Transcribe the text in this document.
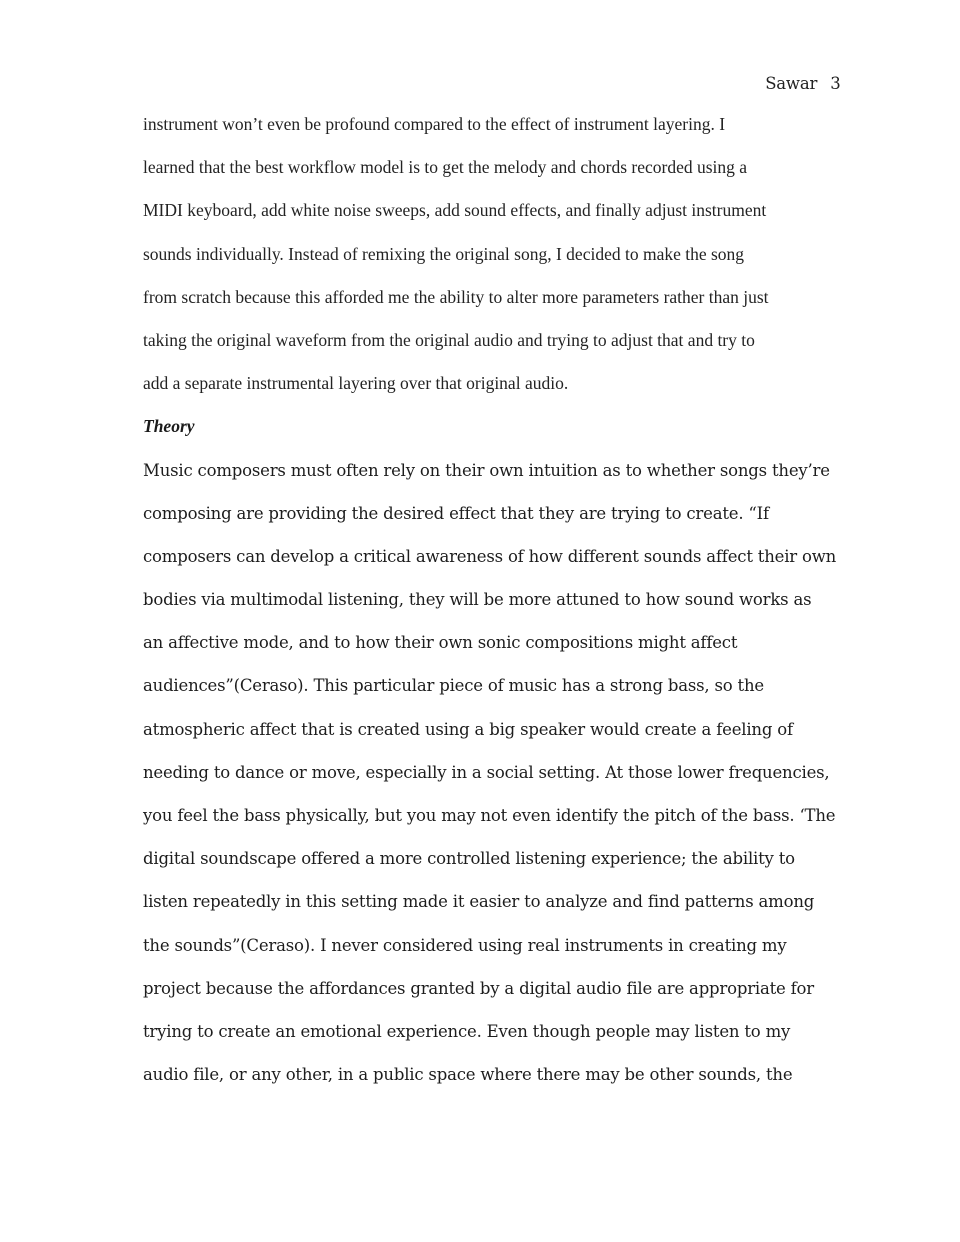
Sawar 3

instrument won’t even be profound compared to the effect of instrument layering. I
learned that the best workflow model is to get the melody and chords recorded using a
MIDI keyboard, add white noise sweeps, add sound effects, and finally adjust instrument
sounds individually. Instead of remixing the original song, I decided to make the song
from scratch because this afforded me the ability to alter more parameters rather than just
taking the original waveform from the original audio and trying to adjust that and try to
add a separate instrumental layering over that original audio.
Theory
Music composers must often rely on their own intuition as to whether songs they’re
composing are providing the desired effect that they are trying to create. “If
composers can develop a critical awareness of how different sounds affect their own
bodies via multimodal listening, they will be more attuned to how sound works as
an affective mode, and to how their own sonic compositions might affect
audiences”(Ceraso). This particular piece of music has a strong bass, so the
atmospheric affect that is created using a big speaker would create a feeling of
needing to dance or move, especially in a social setting. At those lower frequencies,
you feel the bass physically, but you may not even identify the pitch of the bass. ‘The
digital soundscape offered a more controlled listening experience; the ability to
listen repeatedly in this setting made it easier to analyze and find patterns among
the sounds”(Ceraso). I never considered using real instruments in creating my
project because the affordances granted by a digital audio file are appropriate for
trying to create an emotional experience. Even though people may listen to my
audio file, or any other, in a public space where there may be other sounds, the
